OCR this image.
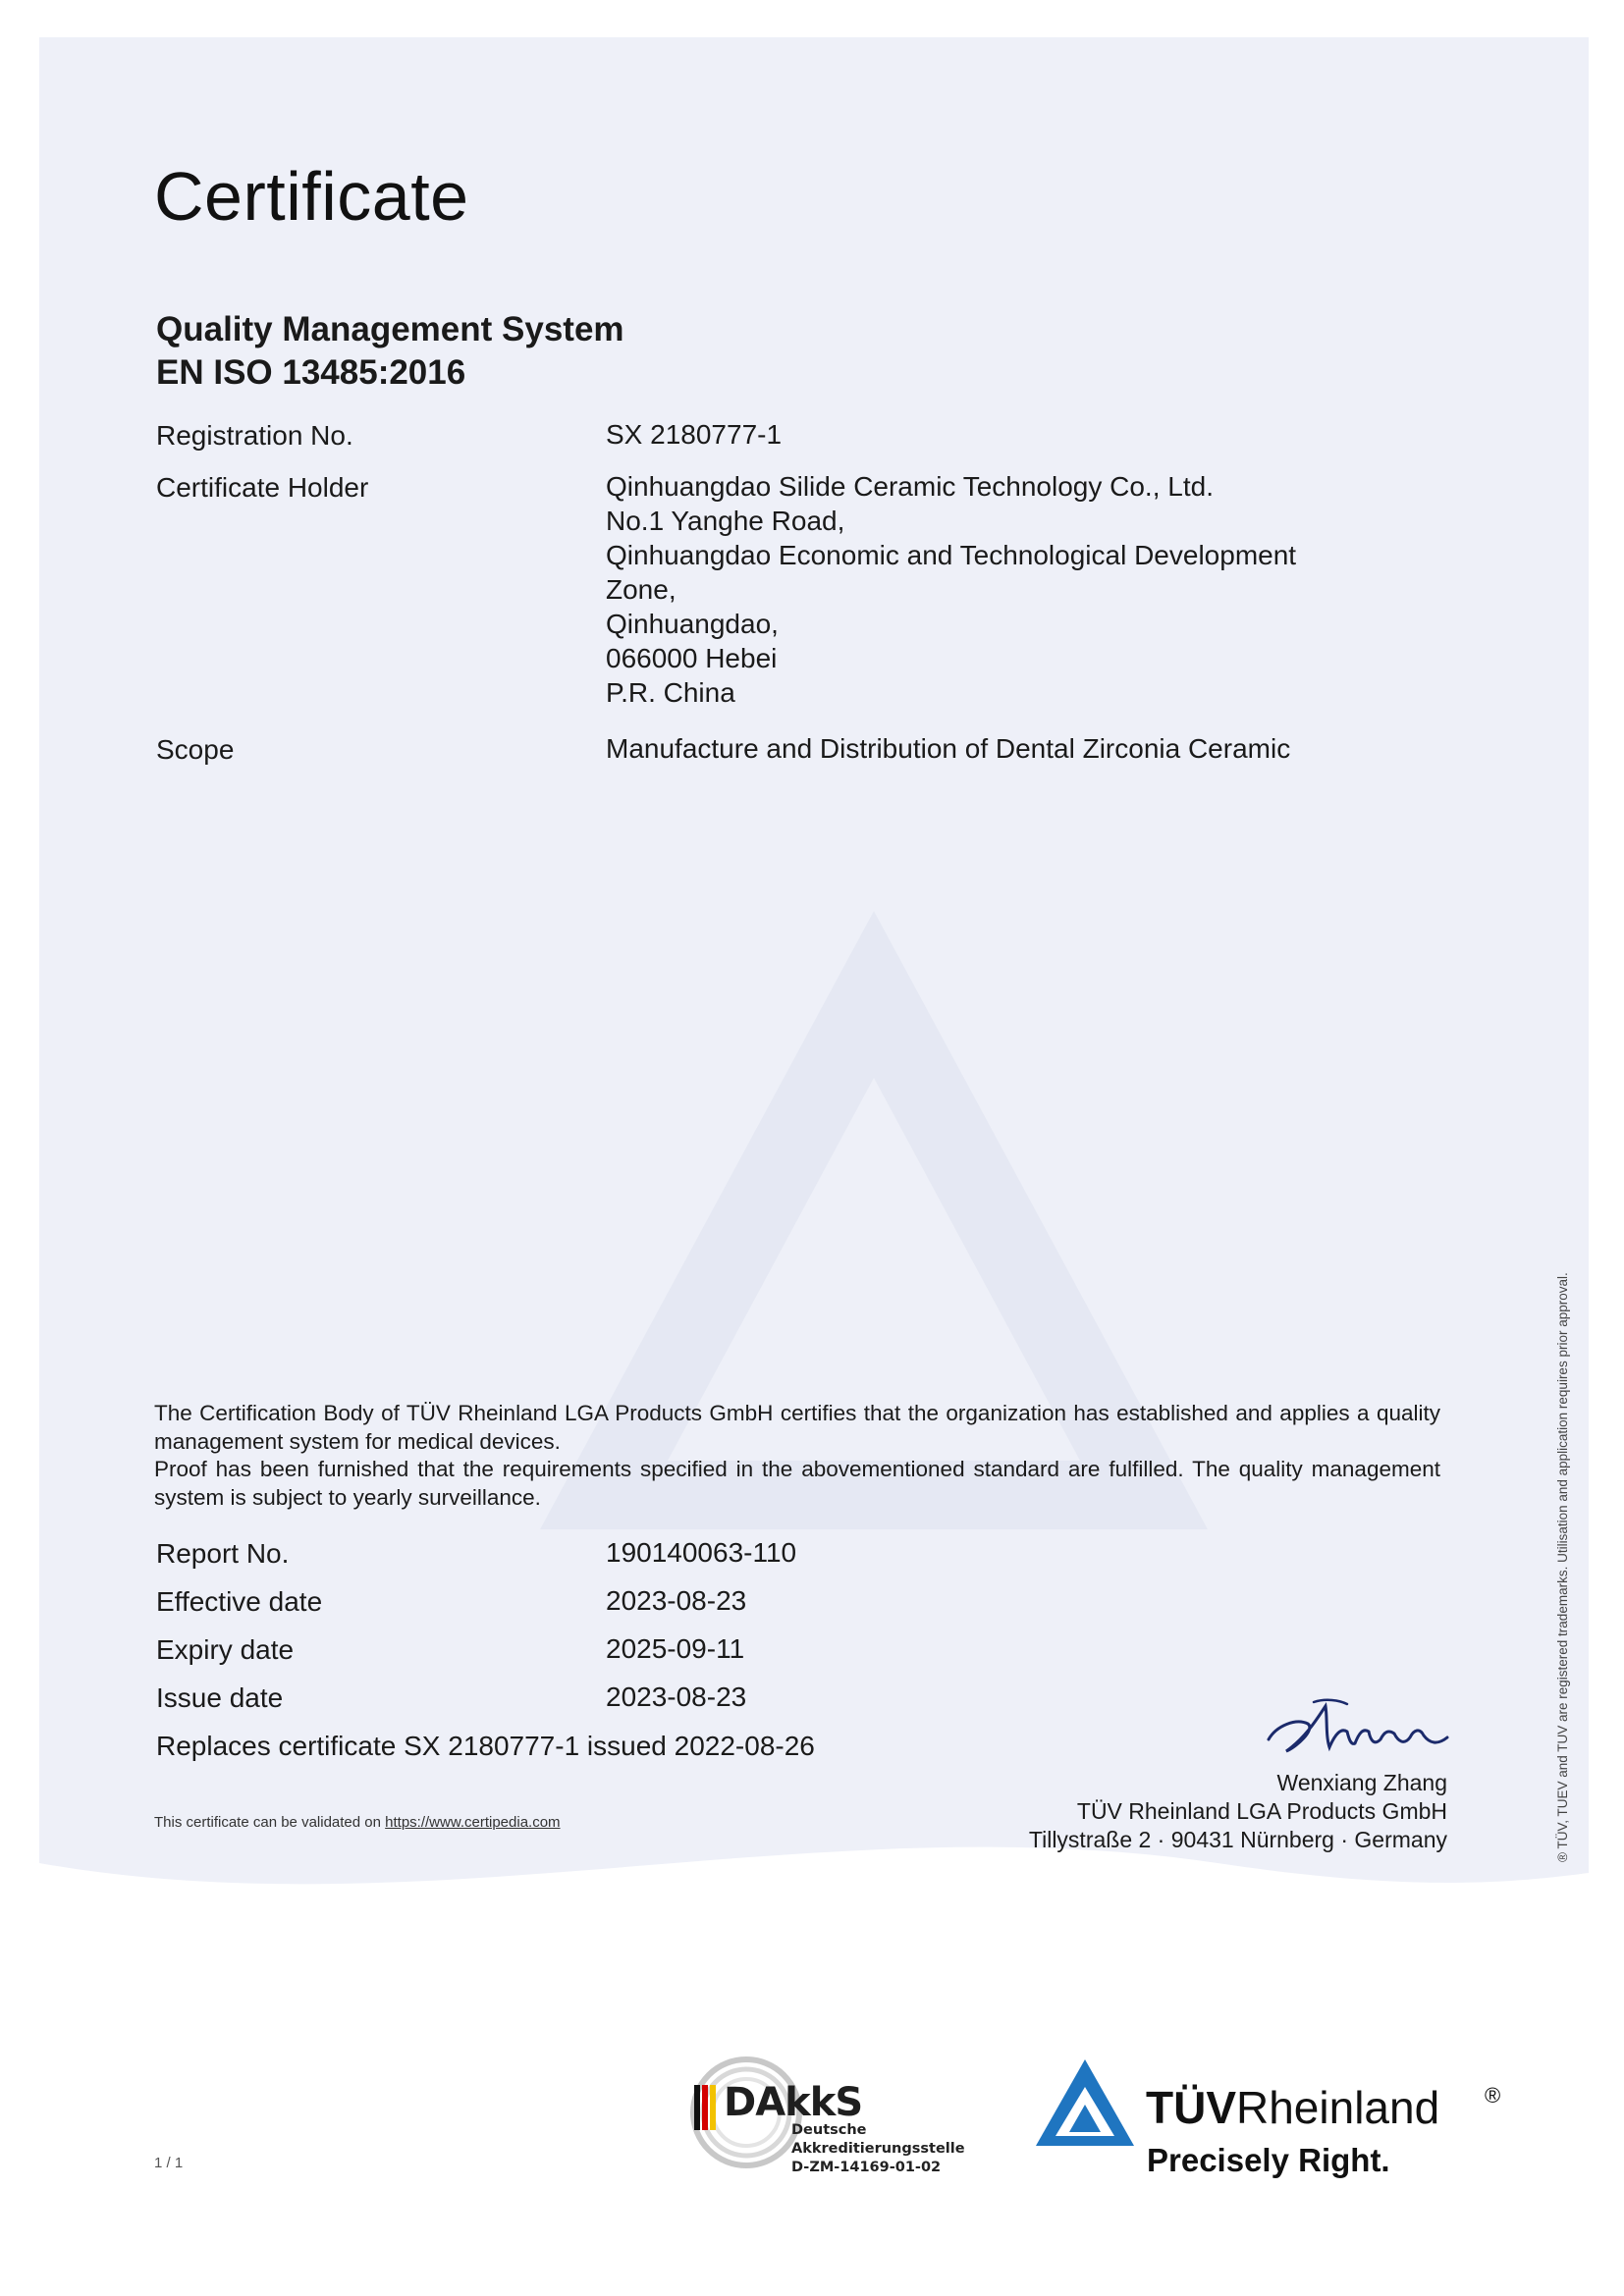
Certificate
Quality Management System
EN ISO 13485:2016
Registration No.	SX 2180777-1
Certificate Holder	Qinhuangdao Silide Ceramic Technology Co., Ltd.
No.1 Yanghe Road,
Qinhuangdao Economic and Technological Development
Zone,
Qinhuangdao,
066000 Hebei
P.R. China
Scope	Manufacture and Distribution of Dental Zirconia Ceramic

The Certification Body of TÜV Rheinland LGA Products GmbH certifies that the organization has established and applies a quality management system for medical devices.

Proof has been furnished that the requirements specified in the abovementioned standard are fulfilled. The quality management system is subject to yearly surveillance.

Report No.	190140063-110
Effective date	2023-08-23
Expiry date	2025-09-11
Issue date	2023-08-23
Replaces certificate SX 2180777-1 issued 2022-08-26
This certificate can be validated on https://www.certipedia.com
Wenxiang Zhang
TÜV Rheinland LGA Products GmbH
Tillystraße 2 · 90431 Nürnberg · Germany	® TÜV, TUEV and TUV are registered trademarks. Utilisation and application requires prior approval.
1 / 1
DAkkS
Deutsche
Akkreditierungsstelle
D-ZM-14169-01-02
TÜVRheinland ®
Precisely Right.
